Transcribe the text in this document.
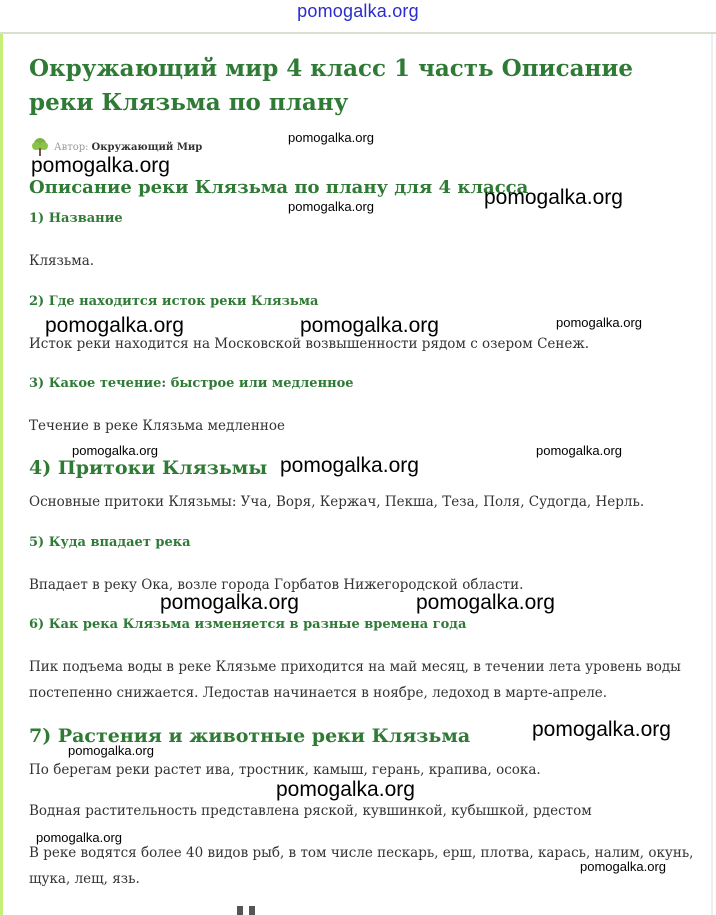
pomogalka.org
Окружающий мир 4 класс 1 часть Описание реки Клязьма по плану
Автор: Окружающий Мир
Описание реки Клязьма по плану для 4 класса
1) Название

Клязьма.

2) Где находится исток реки Клязьма

Исток реки находится на Московской возвышенности рядом с озером Сенеж.

3) Какое течение: быстрое или медленное

Течение в реке Клязьма медленное

4) Притоки Клязьмы

Основные притоки Клязьмы: Уча, Воря, Кержач, Пекша, Теза, Поля, Судогда, Нерль.

5) Куда впадает река

Впадает в реку Ока, возле города Горбатов Нижегородской области.

6) Как река Клязьма изменяется в разные времена года

Пик подъема воды в реке Клязьме приходится на май месяц, в течении лета уровень воды постепенно снижается. Ледостав начинается в ноябре, ледоход в марте-апреле.

7) Растения и животные реки Клязьма

По берегам реки растет ива, тростник, камыш, герань, крапива, осока.

Водная растительность представлена ряской, кувшинкой, кубышкой, рдестом

В реке водятся более 40 видов рыб, в том числе пескарь, ерш, плотва, карась, налим, окунь, щука, лещ, язь.

pomogalka.org
pomogalka.org
pomogalka.org
pomogalka.org
pomogalka.org	pomogalka.org	pomogalka.org
pomogalka.org	pomogalka.org
pomogalka.org
pomogalka.org	pomogalka.org
pomogalka.org
pomogalka.org
pomogalka.org
pomogalka.org
pomogalka.org
